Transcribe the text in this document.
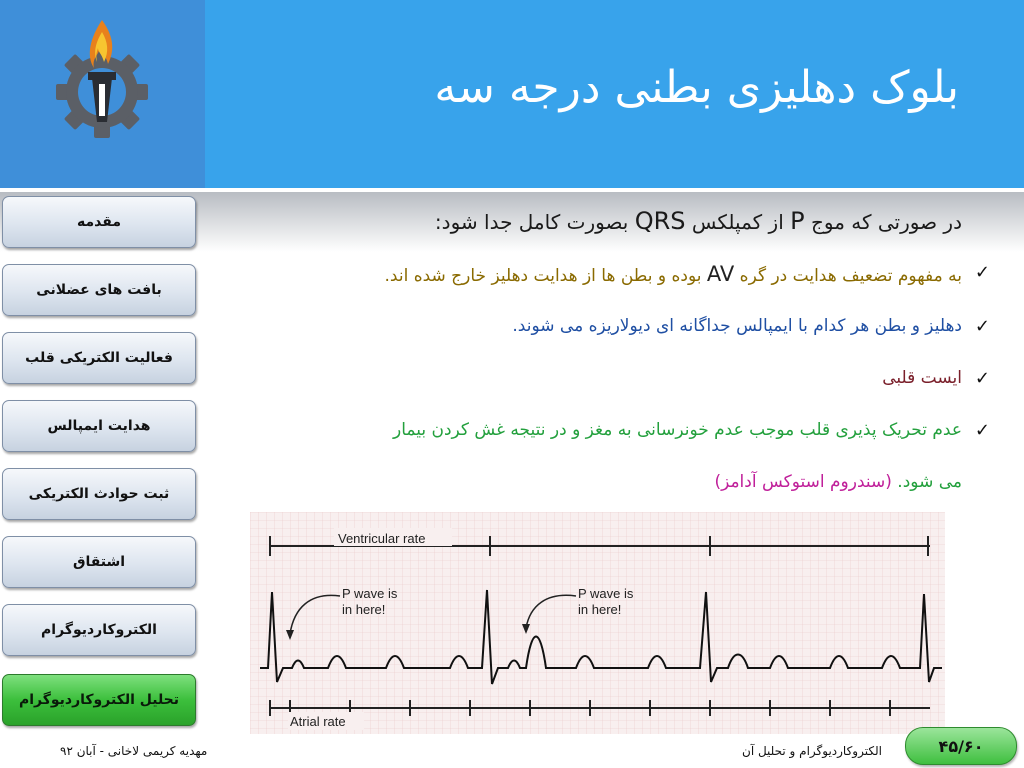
بلوک دهلیزی بطنی درجه سه
مقدمه
بافت های عضلانی
فعالیت الکتریکی قلب
هدایت ایمپالس
ثبت حوادث الکتریکی
اشتقاق
الکتروکاردیوگرام
تحلیل الکتروکاردیوگرام
در صورتی که موج P از کمپلکس QRS بصورت کامل جدا شود:
✓
به مفهوم تضعیف هدایت در گره AV بوده و بطن ها از هدایت دهلیز خارج شده اند.
✓
دهلیز و بطن هر کدام با ایمپالس جداگانه ای دیولاریزه می شوند.
✓
ایست قلبی
✓
عدم تحریک پذیری قلب موجب عدم خونرسانی به مغز و در نتیجه غش کردن بیمار
می شود. (سندروم استوکس آدامز)
Ventricular rate
P wave is
in here!
P wave is
in here!
Atrial rate
مهدیه کریمی لاخانی - آبان ۹۲	الکتروکاردیوگرام و تحلیل آن	۴۵/۶۰
